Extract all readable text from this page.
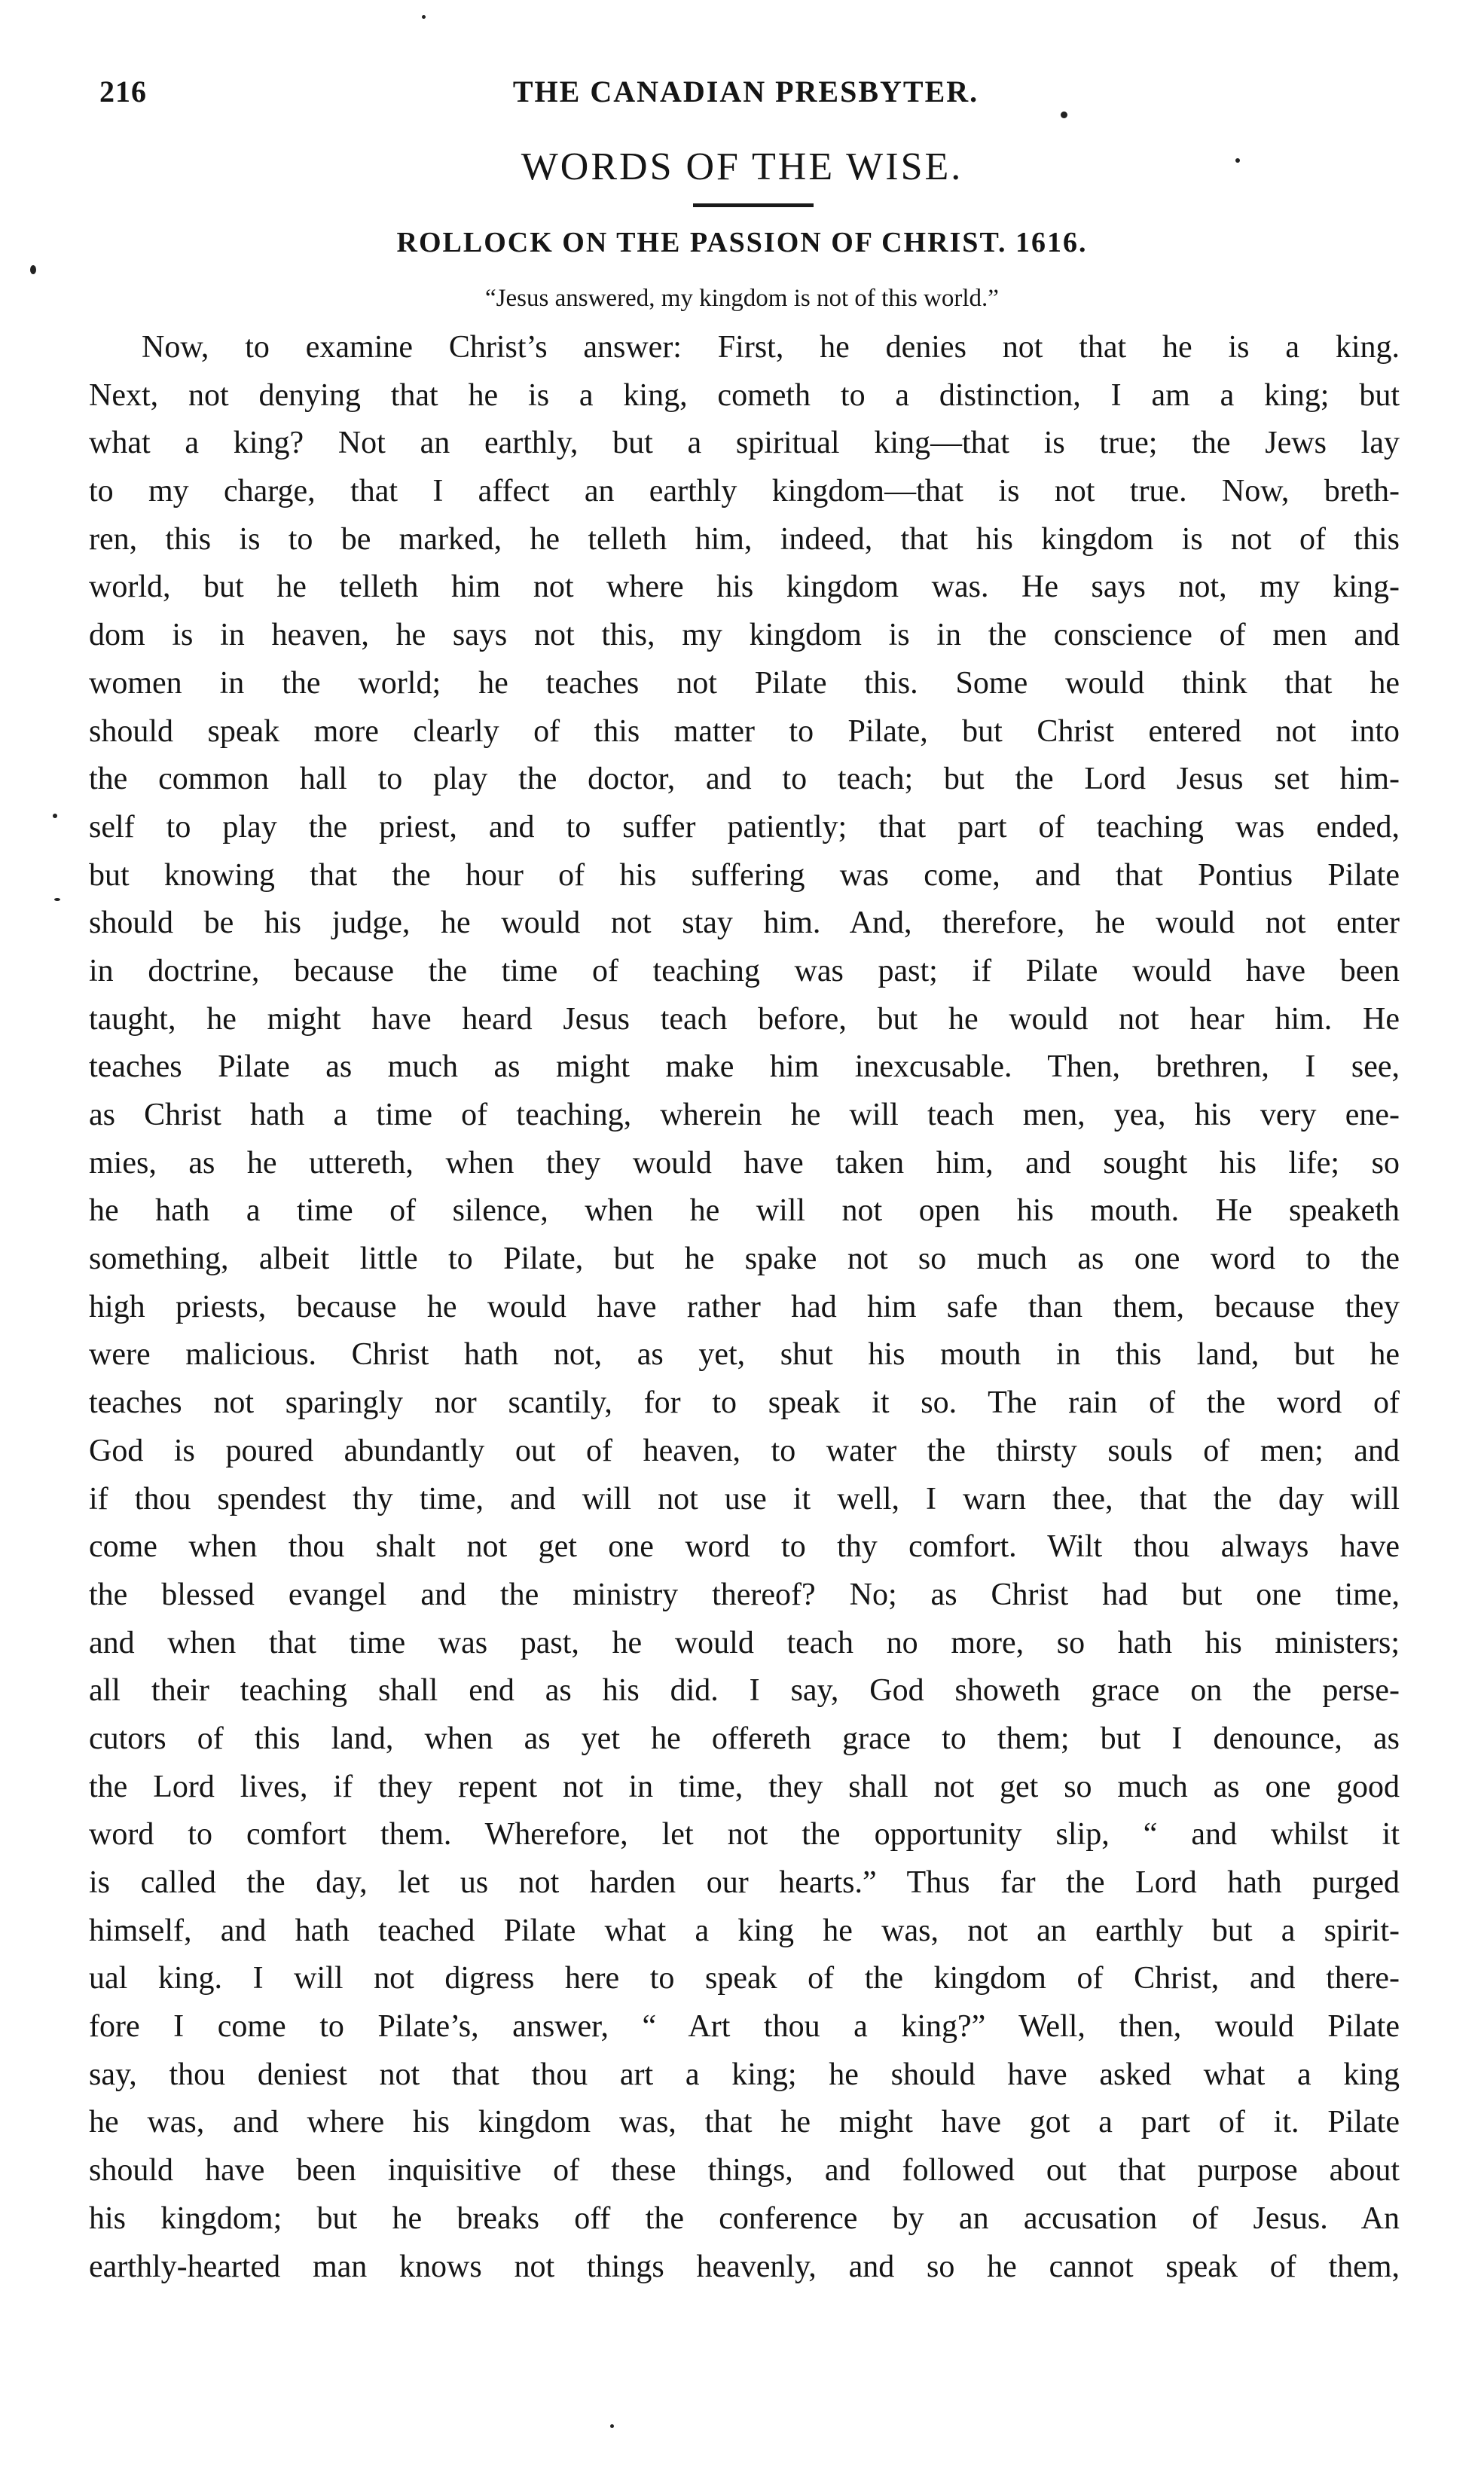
216	THE CANADIAN PRESBYTER.
WORDS OF THE WISE.
ROLLOCK ON THE PASSION OF CHRIST. 1616.
“Jesus answered, my kingdom is not of this world.”
Now, to examine Christ’s answer: First, he denies not that he is a king.
Next, not denying that he is a king, cometh to a distinction, I am a king; but
what a king? Not an earthly, but a spiritual king—that is true; the Jews lay
to my charge, that I affect an earthly kingdom—that is not true. Now, breth-
ren, this is to be marked, he telleth him, indeed, that his kingdom is not of this
world, but he telleth him not where his kingdom was. He says not, my king-
dom is in heaven, he says not this, my kingdom is in the conscience of men and
women in the world; he teaches not Pilate this. Some would think that he
should speak more clearly of this matter to Pilate, but Christ entered not into
the common hall to play the doctor, and to teach; but the Lord Jesus set him-
self to play the priest, and to suffer patiently; that part of teaching was ended,
but knowing that the hour of his suffering was come, and that Pontius Pilate
should be his judge, he would not stay him. And, therefore, he would not enter
in doctrine, because the time of teaching was past; if Pilate would have been
taught, he might have heard Jesus teach before, but he would not hear him. He
teaches Pilate as much as might make him inexcusable. Then, brethren, I see,
as Christ hath a time of teaching, wherein he will teach men, yea, his very ene-
mies, as he uttereth, when they would have taken him, and sought his life; so
he hath a time of silence, when he will not open his mouth. He speaketh
something, albeit little to Pilate, but he spake not so much as one word to the
high priests, because he would have rather had him safe than them, because they
were malicious. Christ hath not, as yet, shut his mouth in this land, but he
teaches not sparingly nor scantily, for to speak it so. The rain of the word of
God is poured abundantly out of heaven, to water the thirsty souls of men; and
if thou spendest thy time, and will not use it well, I warn thee, that the day will
come when thou shalt not get one word to thy comfort. Wilt thou always have
the blessed evangel and the ministry thereof? No; as Christ had but one time,
and when that time was past, he would teach no more, so hath his ministers;
all their teaching shall end as his did. I say, God showeth grace on the perse-
cutors of this land, when as yet he offereth grace to them; but I denounce, as
the Lord lives, if they repent not in time, they shall not get so much as one good
word to comfort them. Wherefore, let not the opportunity slip, “ and whilst it
is called the day, let us not harden our hearts.” Thus far the Lord hath purged
himself, and hath teached Pilate what a king he was, not an earthly but a spirit-
ual king. I will not digress here to speak of the kingdom of Christ, and there-
fore I come to Pilate’s, answer, “ Art thou a king?” Well, then, would Pilate
say, thou deniest not that thou art a king; he should have asked what a king
he was, and where his kingdom was, that he might have got a part of it. Pilate
should have been inquisitive of these things, and followed out that purpose about
his kingdom; but he breaks off the conference by an accusation of Jesus. An
earthly-hearted man knows not things heavenly, and so he cannot speak of them,
